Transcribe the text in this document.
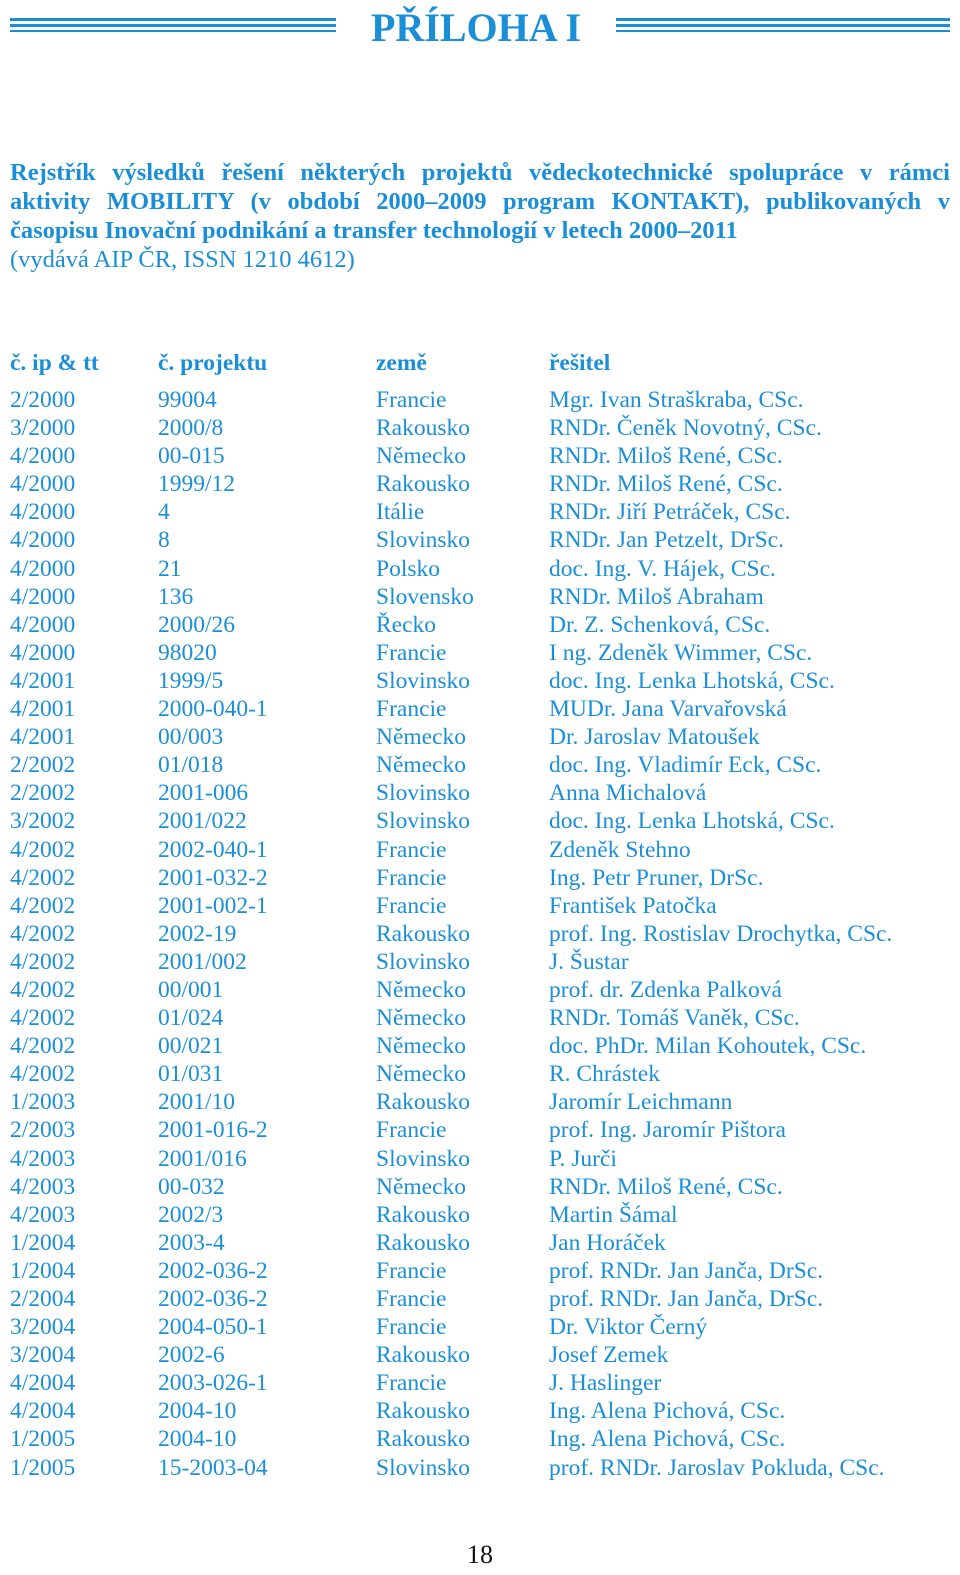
PŘÍLOHA I
Rejstřík výsledků řešení některých projektů vědeckotechnické spolupráce v rámci aktivity MOBILITY (v období 2000–2009 program KONTAKT), publikovaných v časopisu Inovační podnikání a transfer technologií v letech 2000–2011
(vydává AIP ČR, ISSN 1210 4612)
č. ip & tt	č. projektu	země	řešitel
2/2000	99004	Francie	Mgr. Ivan Straškraba, CSc.
3/2000	2000/8	Rakousko	RNDr. Čeněk Novotný, CSc.
4/2000	00-015	Německo	RNDr. Miloš René, CSc.
4/2000	1999/12	Rakousko	RNDr. Miloš René, CSc.
4/2000	4	Itálie	RNDr. Jiří Petráček, CSc.
4/2000	8	Slovinsko	RNDr. Jan Petzelt, DrSc.
4/2000	21	Polsko	doc. Ing. V. Hájek, CSc.
4/2000	136	Slovensko	RNDr. Miloš Abraham
4/2000	2000/26	Řecko	Dr. Z. Schenková, CSc.
4/2000	98020	Francie	I ng. Zdeněk Wimmer, CSc.
4/2001	1999/5	Slovinsko	doc. Ing. Lenka Lhotská, CSc.
4/2001	2000-040-1	Francie	MUDr. Jana Varvařovská
4/2001	00/003	Německo	Dr. Jaroslav Matoušek
2/2002	01/018	Německo	doc. Ing. Vladimír Eck, CSc.
2/2002	2001-006	Slovinsko	Anna Michalová
3/2002	2001/022	Slovinsko	doc. Ing. Lenka Lhotská, CSc.
4/2002	2002-040-1	Francie	Zdeněk Stehno
4/2002	2001-032-2	Francie	Ing. Petr Pruner, DrSc.
4/2002	2001-002-1	Francie	František Patočka
4/2002	2002-19	Rakousko	prof. Ing. Rostislav Drochytka, CSc.
4/2002	2001/002	Slovinsko	J. Šustar
4/2002	00/001	Německo	prof. dr. Zdenka Palková
4/2002	01/024	Německo	RNDr. Tomáš Vaněk, CSc.
4/2002	00/021	Německo	doc. PhDr. Milan Kohoutek, CSc.
4/2002	01/031	Německo	R. Chrástek
1/2003	2001/10	Rakousko	Jaromír Leichmann
2/2003	2001-016-2	Francie	prof. Ing. Jaromír Pištora
4/2003	2001/016	Slovinsko	P. Jurči
4/2003	00-032	Německo	RNDr. Miloš René, CSc.
4/2003	2002/3	Rakousko	Martin Šámal
1/2004	2003-4	Rakousko	Jan Horáček
1/2004	2002-036-2	Francie	prof. RNDr. Jan Janča, DrSc.
2/2004	2002-036-2	Francie	prof. RNDr. Jan Janča, DrSc.
3/2004	2004-050-1	Francie	Dr. Viktor Černý
3/2004	2002-6	Rakousko	Josef Zemek
4/2004	2003-026-1	Francie	J. Haslinger
4/2004	2004-10	Rakousko	Ing. Alena Pichová, CSc.
1/2005	2004-10	Rakousko	Ing. Alena Pichová, CSc.
1/2005	15-2003-04	Slovinsko	prof. RNDr. Jaroslav Pokluda, CSc.
18
